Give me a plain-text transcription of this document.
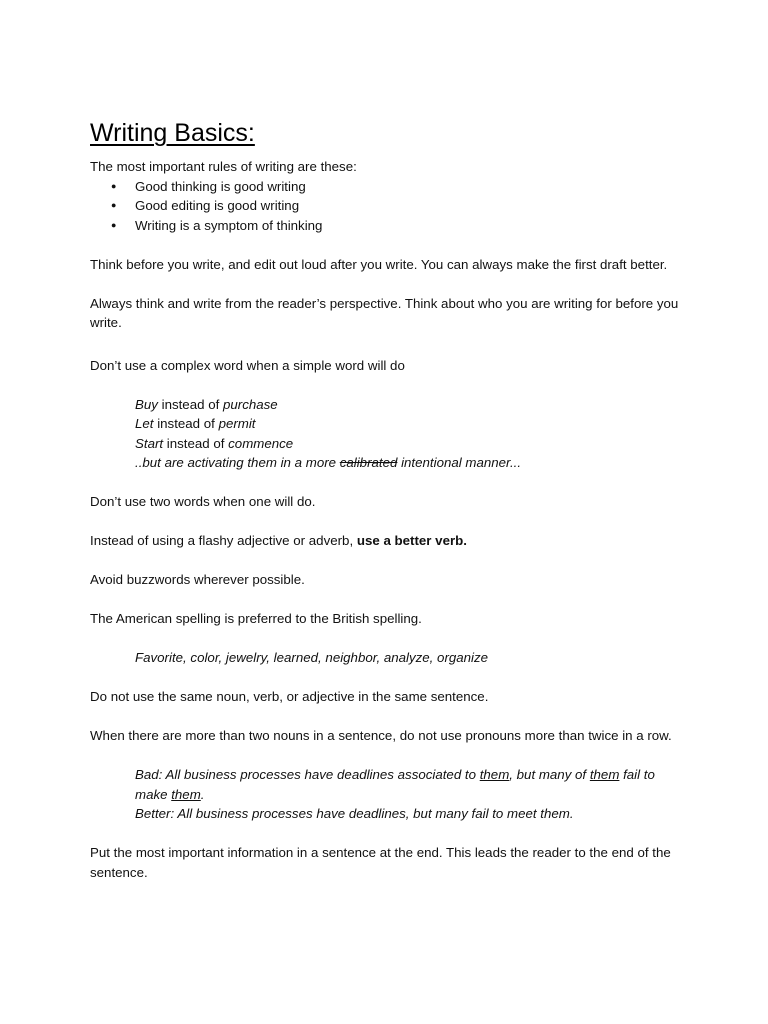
Writing Basics:

The most important rules of writing are these:

● Good thinking is good writing
● Good editing is good writing
● Writing is a symptom of thinking

Think before you write, and edit out loud after you write. You can always make the first draft better.

Always think and write from the reader’s perspective. Think about who you are writing for before you write.

Don’t use a complex word when a simple word will do

Buy instead of purchase

Let instead of permit

Start instead of commence

..but are activating them in a more calibrated intentional manner...

Don’t use two words when one will do.

Instead of using a flashy adjective or adverb, use a better verb.

Avoid buzzwords wherever possible.

The American spelling is preferred to the British spelling.

Favorite, color, jewelry, learned, neighbor, analyze, organize

Do not use the same noun, verb, or adjective in the same sentence.

When there are more than two nouns in a sentence, do not use pronouns more than twice in a row.

Bad: All business processes have deadlines associated to them, but many of them fail to make them.

Better: All business processes have deadlines, but many fail to meet them.

Put the most important information in a sentence at the end. This leads the reader to the end of the sentence.
